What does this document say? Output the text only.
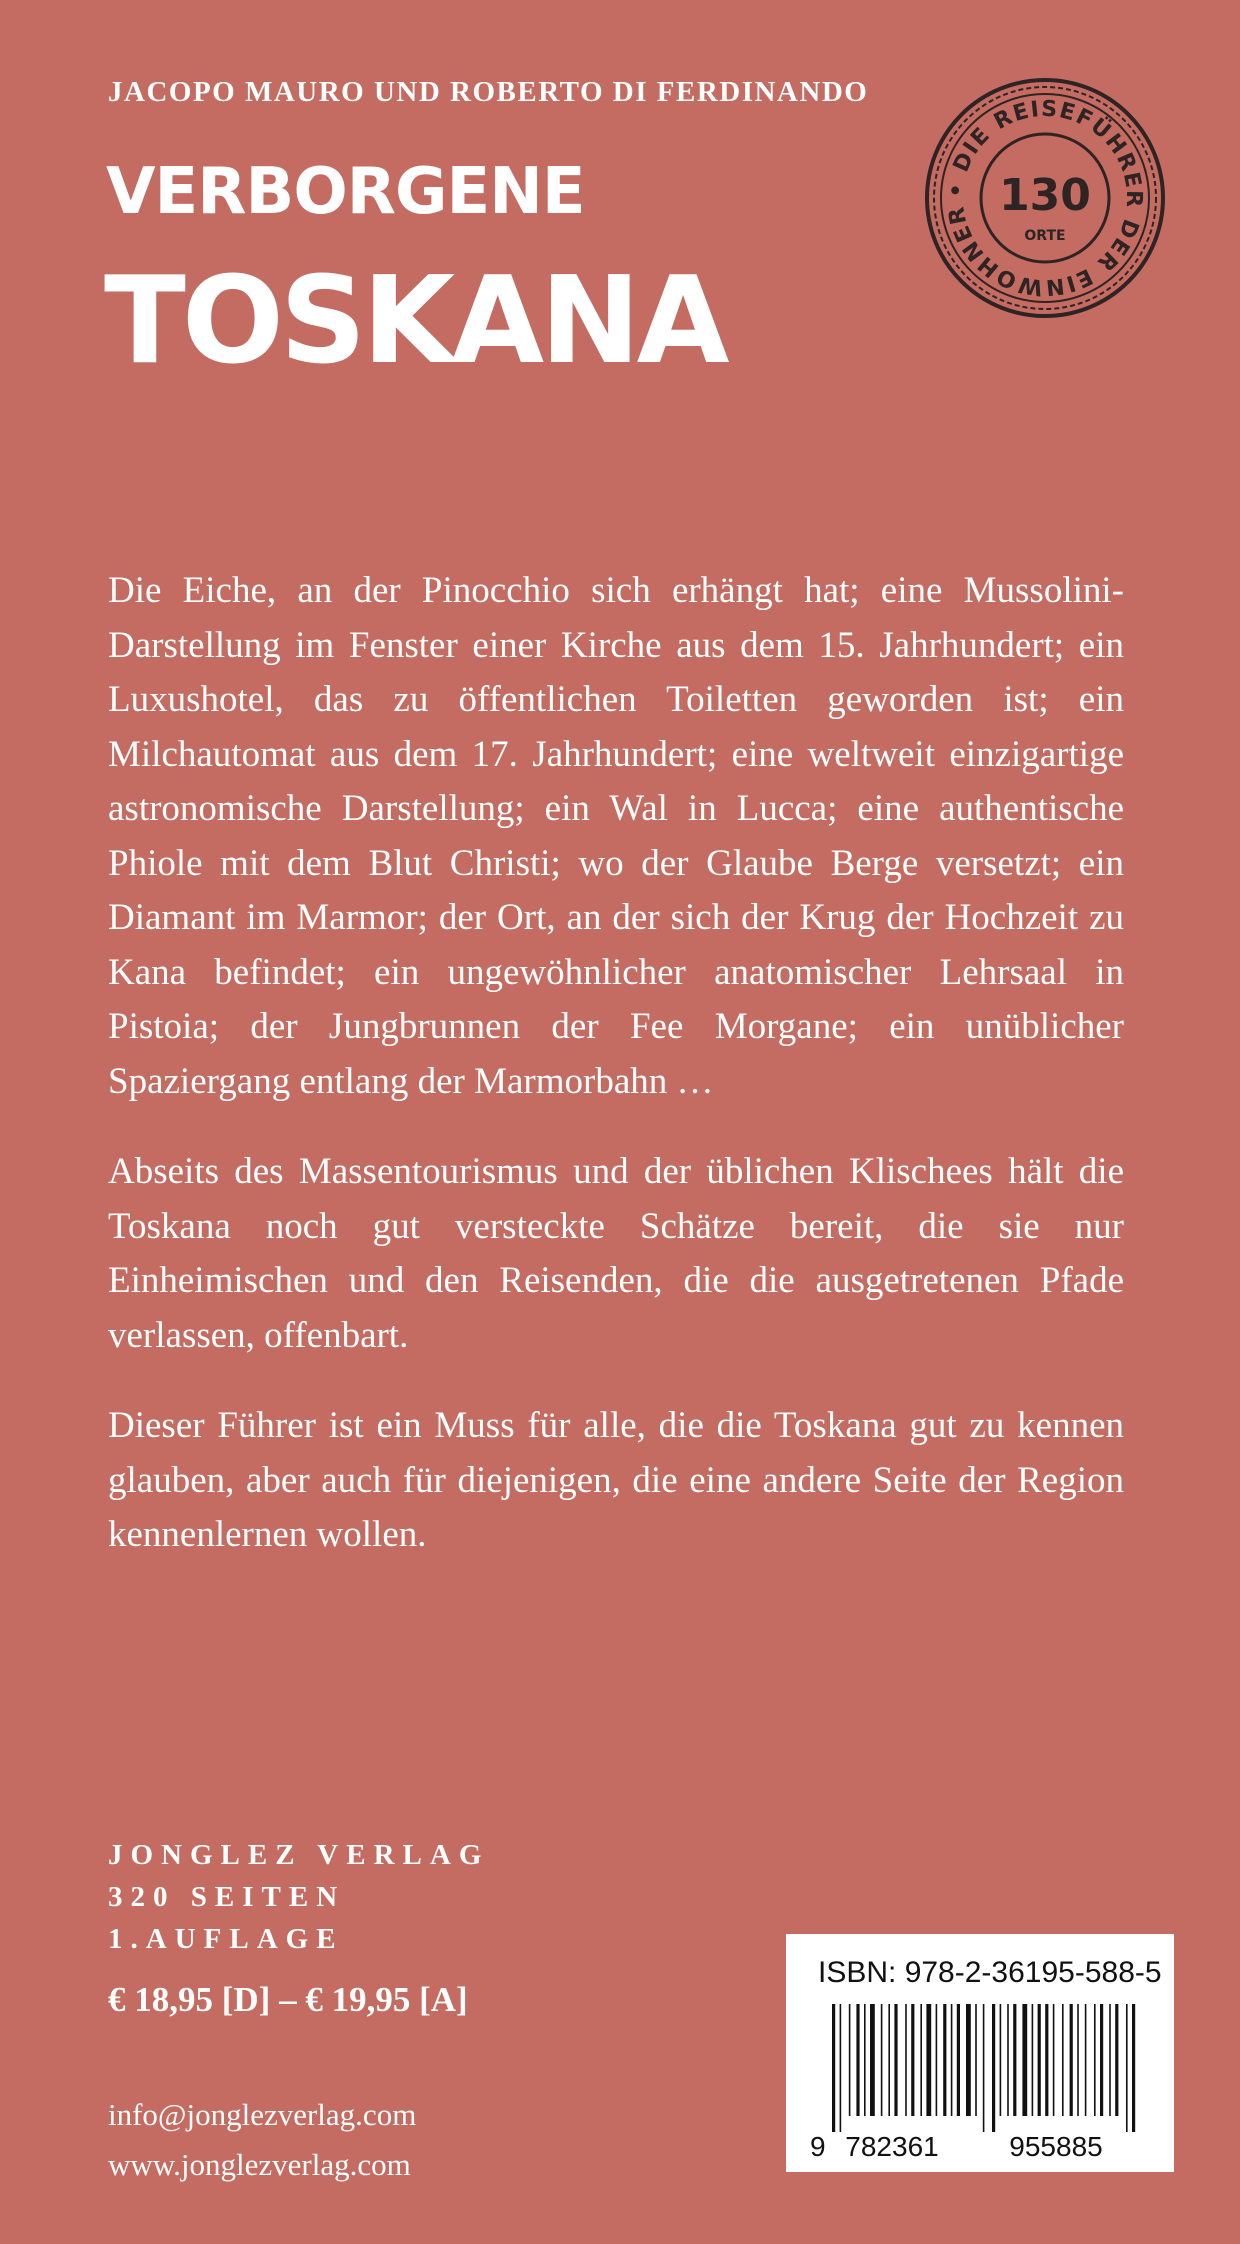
JACOPO MAURO UND ROBERTO DI FERDINANDO

VERBORGENE
TOSKANA
• DIE REISEFÜHRER DER EINWOHNER 130
ORTE

Die Eiche, an der Pinocchio sich erhängt hat; eine Mussolini-Darstellung im Fenster einer Kirche aus dem 15. Jahrhundert; ein Luxushotel, das zu öffentlichen Toiletten geworden ist; ein Milchautomat aus dem 17. Jahrhundert; eine weltweit einzigartige astronomische Darstellung; ein Wal in Lucca; eine authentische Phiole mit dem Blut Christi; wo der Glaube Berge versetzt; ein Diamant im Marmor; der Ort, an der sich der Krug der Hochzeit zu Kana befindet; ein ungewöhnlicher anatomischer Lehrsaal in Pistoia; der Jungbrunnen der Fee Morgane; ein unüblicher Spaziergang entlang der Marmorbahn …

Abseits des Massentourismus und der üblichen Klischees hält die Toskana noch gut versteckte Schätze bereit, die sie nur Einheimischen und den Reisenden, die die ausgetretenen Pfade verlassen, offenbart.

Dieser Führer ist ein Muss für alle, die die Toskana gut zu kennen glauben, aber auch für diejenigen, die eine andere Seite der Region kennenlernen wollen.

JONGLEZ VERLAG
320 SEITEN
1.AUFLAGE

€ 18,95 [D] – € 19,95 [A]

info@jonglezverlag.com
www.jonglezverlag.com

ISBN: 978-2-36195-588-5

9 782361	955885
